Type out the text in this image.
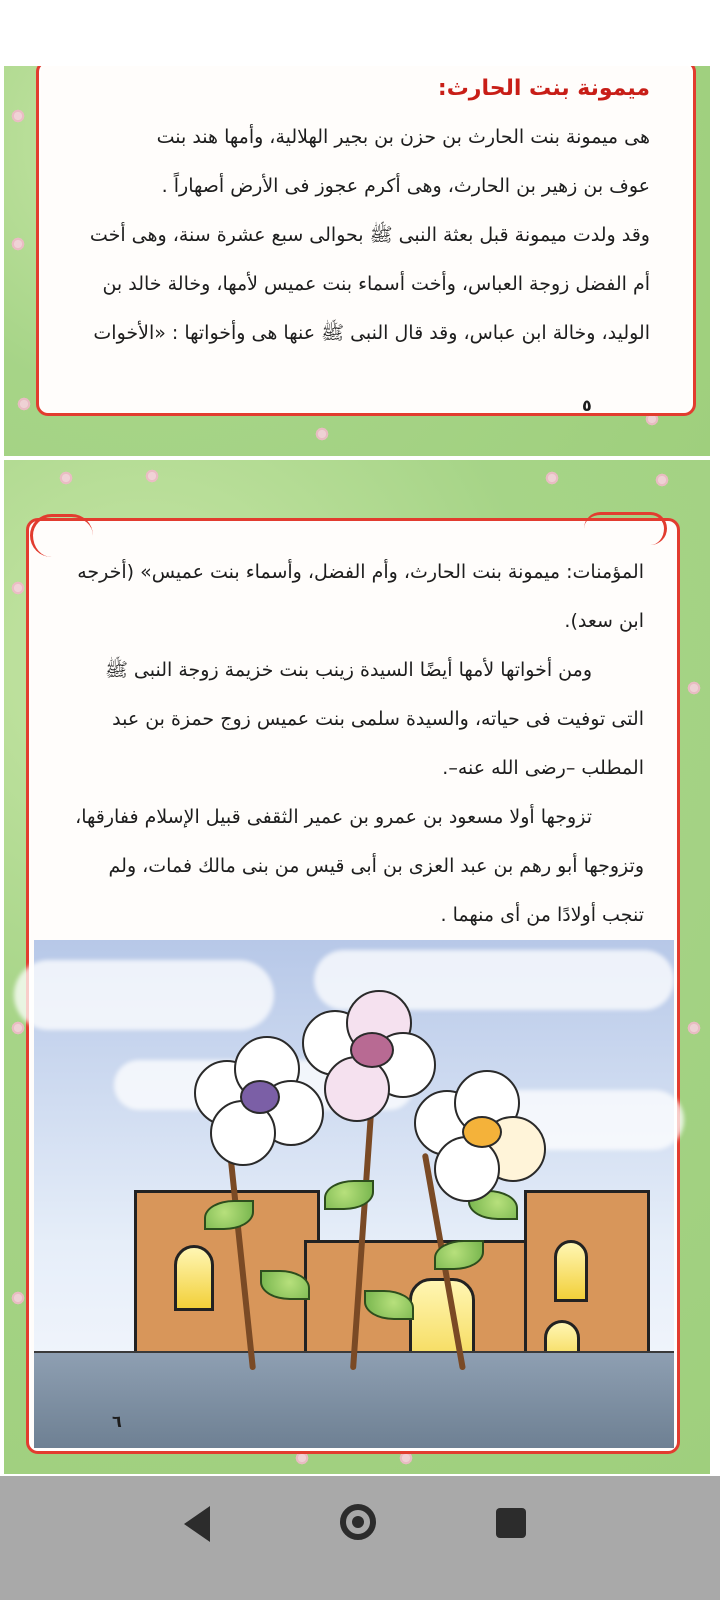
ميمونة بنت الحارث:
هى ميمونة بنت الحارث بن حزن بن بجير الهلالية، وأمها هند بنت
عوف بن زهير بن الحارث، وهى أكرم عجوز فى الأرض أصهاراً .
وقد ولدت ميمونة قبل بعثة النبى ﷺ بحوالى سبع عشرة سنة، وهى أخت
أم الفضل زوجة العباس، وأخت أسماء بنت عميس لأمها، وخالة خالد بن
الوليد، وخالة ابن عباس، وقد قال النبى ﷺ عنها هى وأخواتها : «الأخوات
٥
المؤمنات: ميمونة بنت الحارث، وأم الفضل، وأسماء بنت عميس» (أخرجه
ابن سعد).
ومن أخواتها لأمها أيضًا السيدة زينب بنت خزيمة زوجة النبى ﷺ
التى توفيت فى حياته، والسيدة سلمى بنت عميس زوج حمزة بن عبد
المطلب –رضى الله عنه–.
تزوجها أولا مسعود بن عمرو بن عمير الثقفى قبيل الإسلام ففارقها،
وتزوجها أبو رهم بن عبد العزى بن أبى قيس من بنى مالك فمات، ولم
تنجب أولادًا من أى منهما .
٦
